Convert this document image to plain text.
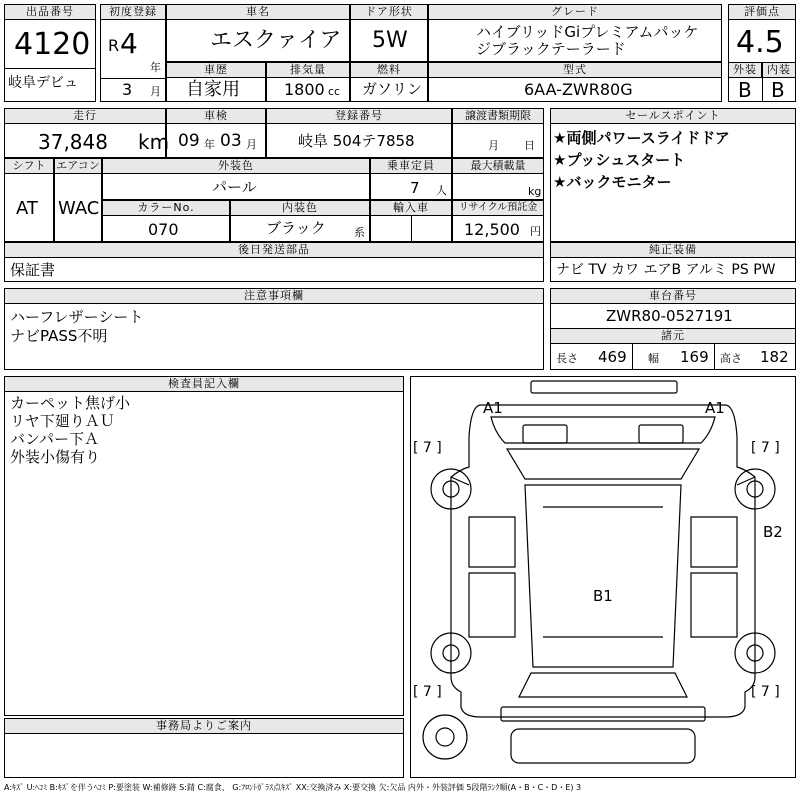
出品番号
4120
岐阜デビュ
初度登録
R 4
年
3 月
車名
エスクァイア
ドア形状
5W
グレード
ハイブリッドGiプレミアムパッケ
ジブラックテーラード
評価点
4.5
外装 内装
B B
車歴
自家用
排気量
1800 cc
燃料
ガソリン
型式
6AA-ZWR80G
走行
37,848 km
車検
09 年 03 月
登録番号
岐阜 504テ7858
譲渡書類期限
月 日
セールスポイント
★両側パワースライドドア
★プッシュスタート
★バックモニター
シフト
AT
エアコン
WAC
外装色
パール
乗車定員
7 人
最大積載量
kg
カラーNo.
070
内装色
ブラック	系
輸入車	リサイクル預託金
12,500 円
後日発送部品
保証書
純正装備
ナビ TV カワ エアB アルミ PS PW
注意事項欄
ハーフレザーシート
ナビPASS不明
車台番号
ZWR80-0527191
諸元
長さ 469 幅 169 高さ 182
検査員記入欄
カーペット焦げ小
リヤ下廻りＡＵ
バンパー下Ａ
外装小傷有り
事務局よりご案内
A1	A1
[ 7 ]	[ 7 ]
B2
B1
[ 7 ]	[ 7 ]
A:ｷｽﾞ U:ﾍｺﾐ B:ｷｽﾞを伴うﾍｺﾐ P:要塗装 W:補修跡 S:錆 C:腐食、 G:ﾌﾛﾝﾄｶﾞﾗｽ点ｷｽﾞ XX:交換済み X:要交換 欠:欠品 内外・外装評価 5段階ﾗﾝｸ順(A・B・C・D・E) 3
